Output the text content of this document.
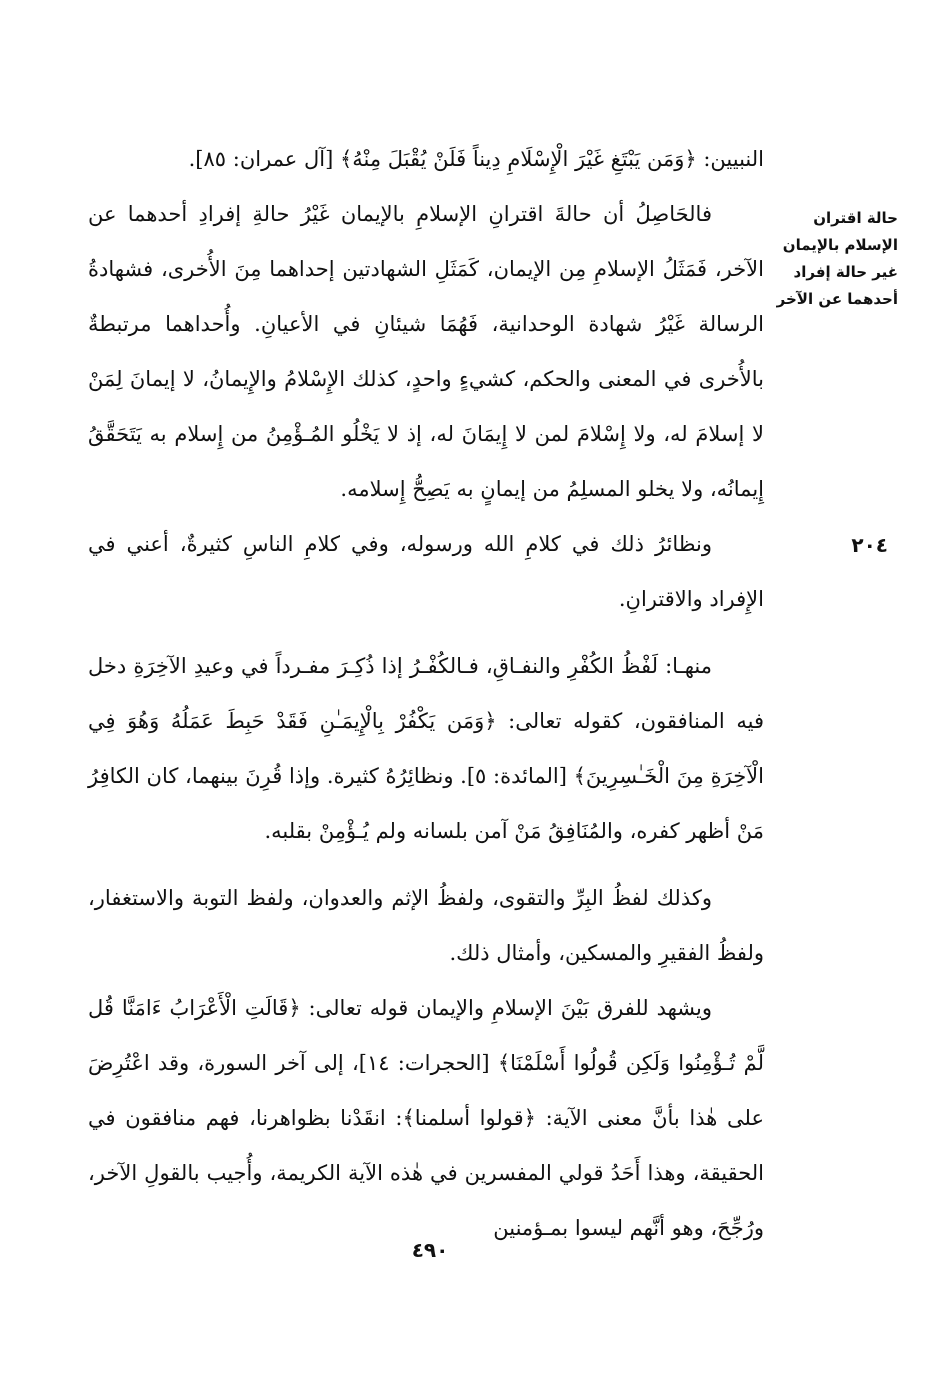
حالة اقتران الإسلام بالإيمان غير حالة إفراد أحدهما عن الآخر
٢٠٤

النبيين: ﴿وَمَن يَبْتَغِ غَيْرَ الْإِسْلَامِ دِيناً فَلَنْ يُقْبَلَ مِنْهُ﴾ [آل عمران: ٨٥].

فالحَاصِلُ أن حالةَ اقترانِ الإسلامِ بالإيمان غَيْرُ حالةِ إفرادِ أحدهما عن الآخر، فَمَثَلُ الإسلامِ مِن الإيمان، كَمَثَلِ الشهادتين إحداهما مِنَ الأُخرى، فشهادةُ الرسالة غَيْرُ شهادة الوحدانية، فَهُمَا شيئانِ في الأعيانِ. وأُحداهما مرتبطةٌ بالأُخرى في المعنى والحكم، كشيءٍ واحدٍ، كذلك الإِسْلامُ والإِيمانُ، لا إيمانَ لِمَنْ لا إسلامَ له، ولا إِسْلامَ لمن لا إِيمَانَ له، إذ لا يَخْلُو المُـؤْمِنُ من إِسلام به يَتَحَقَّقُ إِيمانُه، ولا يخلو المسلِمُ من إيمانٍ به يَصِحُّ إِسلامه.

ونظائرُ ذلك في كلامِ الله ورسوله، وفي كلامِ الناسِ كثيرةٌ، أعني في الإِفراد والاقترانِ.

منهـا: لَفْظُ الكُفْرِ والنفـاقِ، فـالكُفْـرُ إذا ذُكِـرَ مفـرداً في وعيدِ الآخِرَةِ دخل فيه المنافقون، كقوله تعالى: ﴿وَمَن يَكْفُرْ بِالْإِيمَـٰنِ فَقَدْ حَبِطَ عَمَلُهُ وَهُوَ فِي الْآخِرَةِ مِنَ الْخَـٰسِرِينَ﴾ [المائدة: ٥]. ونظائِرُهُ كثيرة. وإذا قُرِنَ بينهما، كان الكافِرُ مَنْ أظهر كفره، والمُنَافِقُ مَنْ آمن بلسانه ولم يُـؤْمِنْ بقلبه.

وكذلك لفظُ البِرِّ والتقوى، ولفظُ الإثم والعدوان، ولفظ التوبة والاستغفار، ولفظُ الفقيرِ والمسكين، وأمثال ذلك.

ويشهد للفرق بَيْنَ الإسلامِ والإيمان قوله تعالى: ﴿قَالَتِ الْأَعْرَابُ ءَامَنَّا قُل لَّمْ تُـؤْمِنُوا وَلَكِن قُولُوا أَسْلَمْنَا﴾ [الحجرات: ١٤]، إلى آخر السورة، وقد اعْتُرِضَ على هٰذا بأنَّ معنى الآية: ﴿قولوا أسلمنا﴾: انقَدْنا بظواهرنا، فهم منافقون في الحقيقة، وهذا أَحَدُ قولي المفسرين في هٰذه الآية الكريمة، وأُجيب بالقولِ الآخر، ورُجِّحَ، وهو أنَّهم ليسوا بمـؤمنين

٤٩٠
